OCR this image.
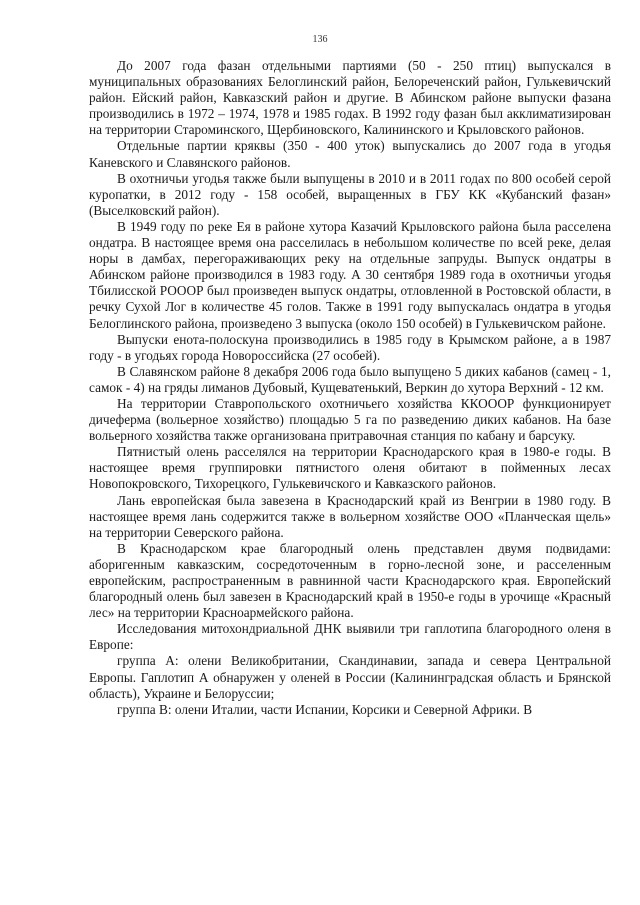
136

До 2007 года фазан отдельными партиями (50 - 250 птиц) выпускался в муниципальных образованиях Белоглинский район, Белореченский район, Гулькевичский район. Ейский район, Кавказский район и другие. В Абинском районе выпуски фазана производились в 1972 – 1974, 1978 и 1985 годах. В 1992 году фазан был акклиматизирован на территории Староминского, Щербиновского, Калининского и Крыловского районов.

Отдельные партии кряквы (350 - 400 уток) выпускались до 2007 года в угодья Каневского и Славянского районов.

В охотничьи угодья также были выпущены в 2010 и в 2011 годах по 800 особей серой куропатки, в 2012 году - 158 особей, выращенных в ГБУ КК «Кубанский фазан» (Выселковский район).

В 1949 году по реке Ея в районе хутора Казачий Крыловского района была расселена ондатра. В настоящее время она расселилась в небольшом количестве по всей реке, делая норы в дамбах, перегораживающих реку на отдельные запруды. Выпуск ондатры в Абинском районе производился в 1983 году. А 30 сентября 1989 года в охотничьи угодья Тбилисской РОООР был произведен выпуск ондатры, отловленной в Ростовской области, в речку Сухой Лог в количестве 45 голов. Также в 1991 году выпускалась ондатра в угодья Белоглинского района, произведено 3 выпуска (около 150 особей) в Гулькевичском районе.

Выпуски енота-полоскуна производились в 1985 году в Крымском районе, а в 1987 году - в угодьях города Новороссийска (27 особей).

В Славянском районе 8 декабря 2006 года было выпущено 5 диких кабанов (самец - 1, самок - 4) на гряды лиманов Дубовый, Кущеватенький, Веркин до хутора Верхний - 12 км.

На территории Ставропольского охотничьего хозяйства ККОООР функционирует дичеферма (вольерное хозяйство) площадью 5 га по разведению диких кабанов. На базе вольерного хозяйства также организована притравочная станция по кабану и барсуку.

Пятнистый олень расселялся на территории Краснодарского края в 1980-е годы. В настоящее время группировки пятнистого оленя обитают в пойменных лесах Новопокровского, Тихорецкого, Гулькевичского и Кавказского районов.

Лань европейская была завезена в Краснодарский край из Венгрии в 1980 году. В настоящее время лань содержится также в вольерном хозяйстве ООО «Планческая щель» на территории Северского района.

В Краснодарском крае благородный олень представлен двумя подвидами: аборигенным кавказским, сосредоточенным в горно-лесной зоне, и расселенным европейским, распространенным в равнинной части Краснодарского края. Европейский благородный олень был завезен в Краснодарский край в 1950-е годы в урочище «Красный лес» на территории Красноармейского района.

Исследования митохондриальной ДНК выявили три гаплотипа благородного оленя в Европе:

группа А: олени Великобритании, Скандинавии, запада и севера Центральной Европы. Гаплотип А обнаружен у оленей в России (Калининградская область и Брянской область), Украине и Белоруссии;

группа В: олени Италии, части Испании, Корсики и Северной Африки. В
